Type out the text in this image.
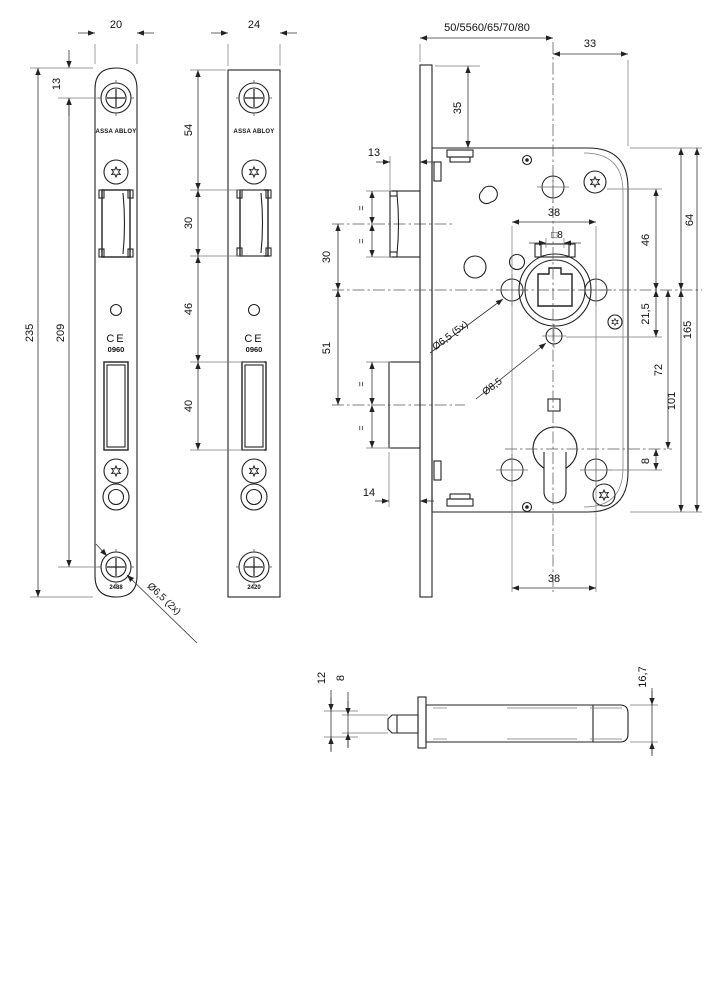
ASSA ABLOY
CE
0960
2488 Ø6,5 (2x)
20
13
235 209
ASSA ABLOY
CE
0960
2420
24
54
30
46
40
50/5560/65/70/80
33
35
13
=
=
30
51
=
=
14
38
□8	46
21,5
8
72
64
101
165
38
Ø6,5 (5x)
Ø8,5
12 8	16,7
